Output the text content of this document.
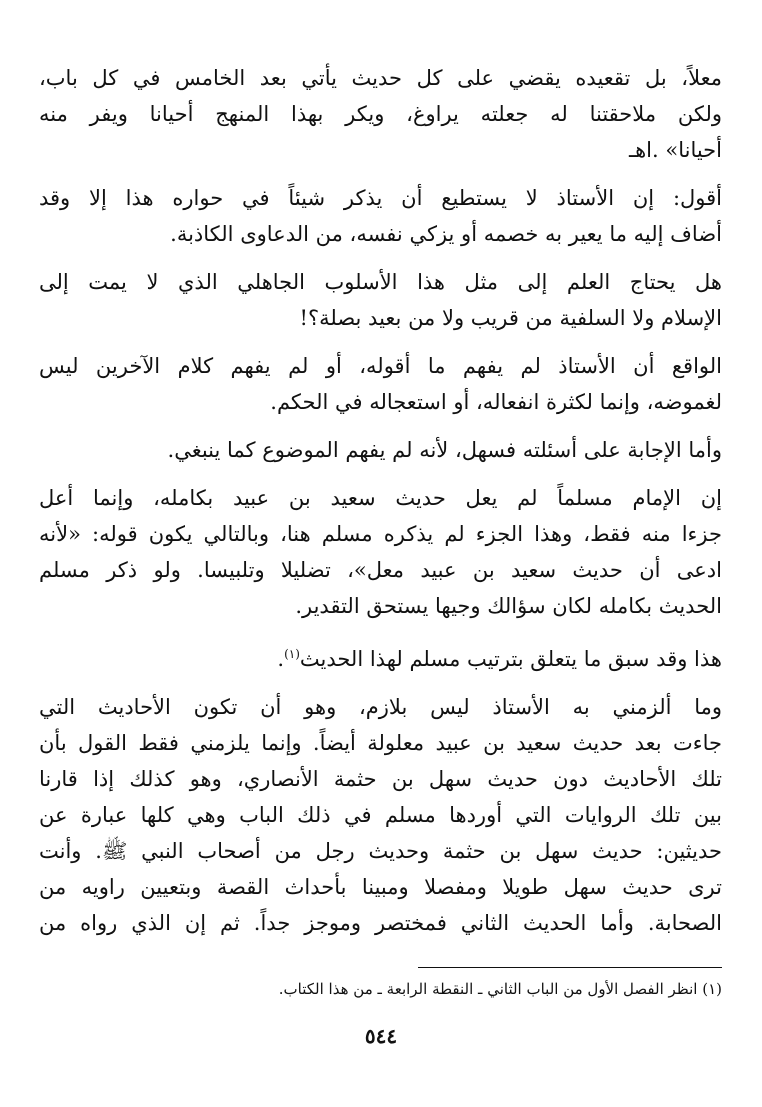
معلاً، بل تقعيده يقضي على كل حديث يأتي بعد الخامس في كل باب،
ولكن ملاحقتنا له جعلته يراوغ، ويكر بهذا المنهج أحيانا ويفر منه
أحيانا» .اهـ

أقول: إن الأستاذ لا يستطيع أن يذكر شيئاً في حواره هذا إلا وقد
أضاف إليه ما يعير به خصمه أو يزكي نفسه، من الدعاوى الكاذبة.

هل يحتاج العلم إلى مثل هذا الأسلوب الجاهلي الذي لا يمت إلى
الإسلام ولا السلفية من قريب ولا من بعيد بصلة؟!

الواقع أن الأستاذ لم يفهم ما أقوله، أو لم يفهم كلام الآخرين ليس
لغموضه، وإنما لكثرة انفعاله، أو استعجاله في الحكم.

وأما الإجابة على أسئلته فسهل، لأنه لم يفهم الموضوع كما ينبغي.

إن الإمام مسلماً لم يعل حديث سعيد بن عبيد بكامله، وإنما أعل
جزءا منه فقط، وهذا الجزء لم يذكره مسلم هنا، وبالتالي يكون قوله: «لأنه
ادعى أن حديث سعيد بن عبيد معل»، تضليلا وتلبيسا. ولو ذكر مسلم
الحديث بكامله لكان سؤالك وجيها يستحق التقدير.

هذا وقد سبق ما يتعلق بترتيب مسلم لهذا الحديث$^{(١)}$.

وما ألزمني به الأستاذ ليس بلازم، وهو أن تكون الأحاديث التي
جاءت بعد حديث سعيد بن عبيد معلولة أيضاً. وإنما يلزمني فقط القول بأن
تلك الأحاديث دون حديث سهل بن حثمة الأنصاري، وهو كذلك إذا قارنا
بين تلك الروايات التي أوردها مسلم في ذلك الباب وهي كلها عبارة عن
حديثين: حديث سهل بن حثمة وحديث رجل من أصحاب النبي ﷺ. وأنت
ترى حديث سهل طويلا ومفصلا ومبينا بأحداث القصة وبتعيين راويه من
الصحابة. وأما الحديث الثاني فمختصر وموجز جداً. ثم إن الذي رواه من

(١) انظر الفصل الأول من الباب الثاني ـ النقطة الرابعة ـ من هذا الكتاب.

٥٤٤
